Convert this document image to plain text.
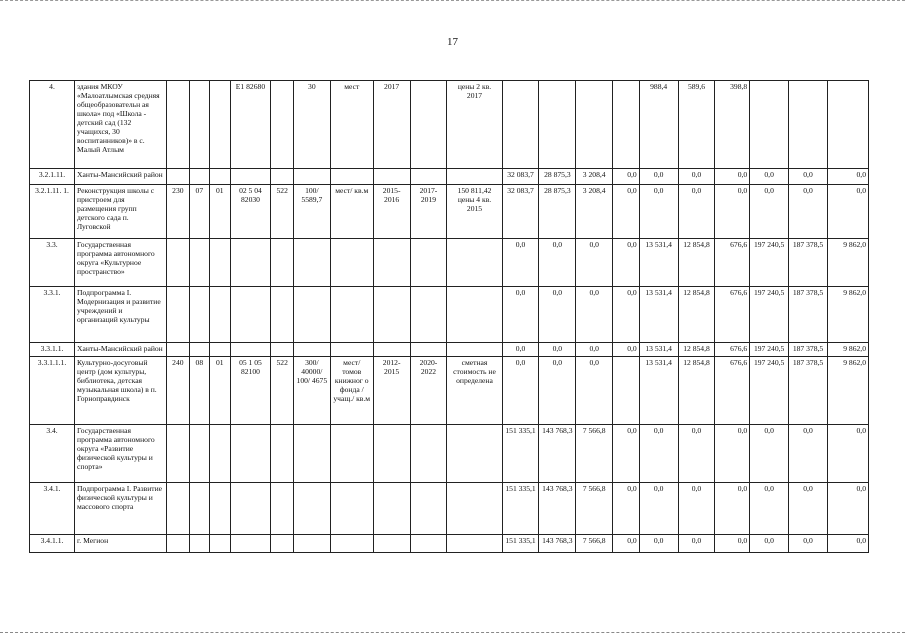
17
4.	здания МКОУ «Малоатлымская средняя общеобразовательн ая школа» под «Школа - детский сад (132 учащихся, 30 воспитанников)» в с. Малый Атлым				Е1 82680		30	мест	2017		цены 2 кв. 2017					988,4	589,6	398,8			
3.2.1.11.	Ханты-Мансийский район											32 083,7	28 875,3	3 208,4	0,0	0,0	0,0	0,0	0,0	0,0	0,0
3.2.1.11. 1.	Реконструкция школы с пристроем для размещения групп детского сада п. Луговской	230	07	01	02 5 04 82030	522	100/ 5589,7	мест/ кв.м	2015- 2016	2017- 2019	150 811,42 цены 4 кв. 2015	32 083,7	28 875,3	3 208,4	0,0	0,0	0,0	0,0	0,0	0,0	0,0
3.3.	Государственная программа автономного округа «Культурное пространство»											0,0	0,0	0,0	0,0	13 531,4	12 854,8	676,6	197 240,5	187 378,5	9 862,0
3.3.1.	Подпрограмма I. Модернизация и развитие учреждений и организаций культуры											0,0	0,0	0,0	0,0	13 531,4	12 854,8	676,6	197 240,5	187 378,5	9 862,0
3.3.1.1.	Ханты-Мансийский район											0,0	0,0	0,0	0,0	13 531,4	12 854,8	676,6	197 240,5	187 378,5	9 862,0
3.3.1.1.1.	Культурно-досуговый центр (дом культуры, библиотека, детская музыкальная школа) в п. Горноправдинск	240	08	01	05 1 05 82100	522	300/ 40000/ 100/ 4675	мест/ томов книжног о фонда / учащ./ кв.м	2012- 2015	2020- 2022	сметная стоимость не определена	0,0	0,0	0,0		13 531,4	12 854,8	676,6	197 240,5	187 378,5	9 862,0
3.4.	Государственная программа автономного округа «Развитие физической культуры и спорта»											151 335,1	143 768,3	7 566,8	0,0	0,0	0,0	0,0	0,0	0,0	0,0
3.4.1.	Подпрограмма I. Развитие физической культуры и массового спорта											151 335,1	143 768,3	7 566,8	0,0	0,0	0,0	0,0	0,0	0,0	0,0
3.4.1.1.	г. Мегион											151 335,1	143 768,3	7 566,8	0,0	0,0	0,0	0,0	0,0	0,0	0,0
